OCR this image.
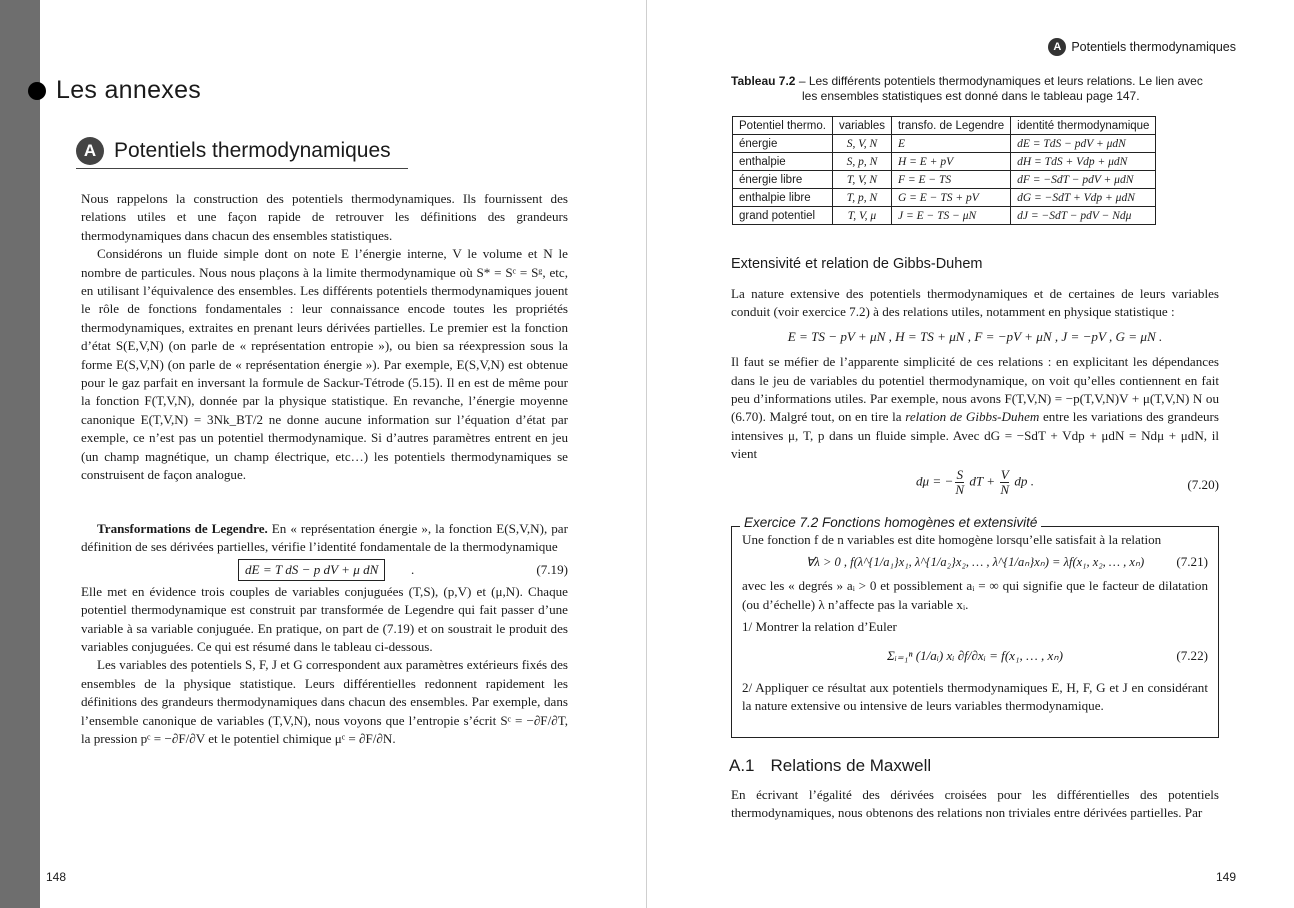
Les annexes
A Potentiels thermodynamiques

Nous rappelons la construction des potentiels thermodynamiques. Ils fournissent des relations utiles et une façon rapide de retrouver les définitions des grandeurs thermodynamiques dans chacun des ensembles statistiques.

Considérons un fluide simple dont on note E l’énergie interne, V le volume et N le nombre de particules. Nous nous plaçons à la limite thermodynamique où S* = Sᶜ = Sᵍ, etc, en utilisant l’équivalence des ensembles. Les différents potentiels thermodynamiques jouent le rôle de fonctions fondamentales : leur connaissance encode toutes les propriétés thermodynamiques, extraites en prenant leurs dérivées partielles. Le premier est la fonction d’état S(E,V,N) (on parle de « représentation entropie »), ou bien sa réexpression sous la forme E(S,V,N) (on parle de « représentation énergie »). Par exemple, E(S,V,N) est obtenue pour le gaz parfait en inversant la formule de Sackur-Tétrode (5.15). Il en est de même pour la fonction F(T,V,N), donnée par la physique statistique. En revanche, l’énergie moyenne canonique E(T,V,N) = 3Nk_BT/2 ne donne aucune information sur l’équation d’état par exemple, ce n’est pas un potentiel thermodynamique. Si d’autres paramètres entrent en jeu (un champ magnétique, un champ électrique, etc…) les potentiels thermodynamiques se construisent de façon analogue.

Transformations de Legendre. En « représentation énergie », la fonction E(S,V,N), par définition de ses dérivées partielles, vérifie l’identité fondamentale de la thermodynamique

dE = T dS − p dV + μ dN	.	(7.19)

Elle met en évidence trois couples de variables conjuguées (T,S), (p,V) et (μ,N). Chaque potentiel thermodynamique est construit par transformée de Legendre qui fait passer d’une variable à sa variable conjuguée. En pratique, on part de (7.19) et on soustrait le produit des variables conjuguées. Ce qui est résumé dans le tableau ci-dessous.

Les variables des potentiels S, F, J et G correspondent aux paramètres extérieurs fixés des ensembles de la physique statistique. Leurs différentielles redonnent rapidement les définitions des grandeurs thermodynamiques dans chacun des ensembles. Par exemple, dans l’ensemble canonique de variables (T,V,N), nous voyons que l’entropie s’écrit Sᶜ = −∂F/∂T, la pression pᶜ = −∂F/∂V et le potentiel chimique μᶜ = ∂F/∂N.

148
A Potentiels thermodynamiques
Tableau 7.2 – Les différents potentiels thermodynamiques et leurs relations. Le lien avec
les ensembles statistiques est donné dans le tableau page 147.
Potentiel thermo.	variables	transfo. de Legendre	identité thermodynamique
énergie	S, V, N	E	dE = TdS − pdV + μdN
enthalpie	S, p, N	H = E + pV	dH = TdS + Vdp + μdN
énergie libre	T, V, N	F = E − TS	dF = −SdT − pdV + μdN
enthalpie libre	T, p, N	G = E − TS + pV	dG = −SdT + Vdp + μdN
grand potentiel	T, V, μ	J = E − TS − μN	dJ = −SdT − pdV − Ndμ
Extensivité et relation de Gibbs-Duhem

La nature extensive des potentiels thermodynamiques et de certaines de leurs variables conduit (voir exercice 7.2) à des relations utiles, notamment en physique statistique :

E = TS − pV + μN , H = TS + μN , F = −pV + μN , J = −pV , G = μN .

Il faut se méfier de l’apparente simplicité de ces relations : en explicitant les dépendances dans le jeu de variables du potentiel thermodynamique, on voit qu’elles contiennent en fait peu d’informations utiles. Par exemple, nous avons F(T,V,N) = −p(T,V,N)V + μ(T,V,N) N ou (6.70). Malgré tout, on en tire la relation de Gibbs-Duhem entre les variations des grandeurs intensives μ, T, p dans un fluide simple. Avec dG = −SdT + Vdp + μdN = Ndμ + μdN, il vient

dμ = − $\frac{S}{N}$ dT + $\frac{V}{N}$ dp .	(7.20)
Exercice 7.2 Fonctions homogènes et extensivité

Une fonction f de n variables est dite homogène lorsqu’elle satisfait à la relation

∀λ > 0 , f(λ^{1/a₁}x₁, λ^{1/a₂}x₂, … , λ^{1/aₙ}xₙ) = λf(x₁, x₂, … , xₙ)	(7.21)

avec les « degrés » aᵢ > 0 et possiblement aᵢ = ∞ qui signifie que le facteur de dilatation (ou d’échelle) λ n’affecte pas la variable xᵢ.

1/ Montrer la relation d’Euler

Σᵢ₌₁ⁿ (1/aᵢ) xᵢ ∂f/∂xᵢ = f(x₁, … , xₙ)	(7.22)

2/ Appliquer ce résultat aux potentiels thermodynamiques E, H, F, G et J en considérant la nature extensive ou intensive de leurs variables thermodynamique.

A.1 Relations de Maxwell

En écrivant l’égalité des dérivées croisées pour les différentielles des potentiels thermodynamiques, nous obtenons des relations non triviales entre dérivées partielles. Par

149
